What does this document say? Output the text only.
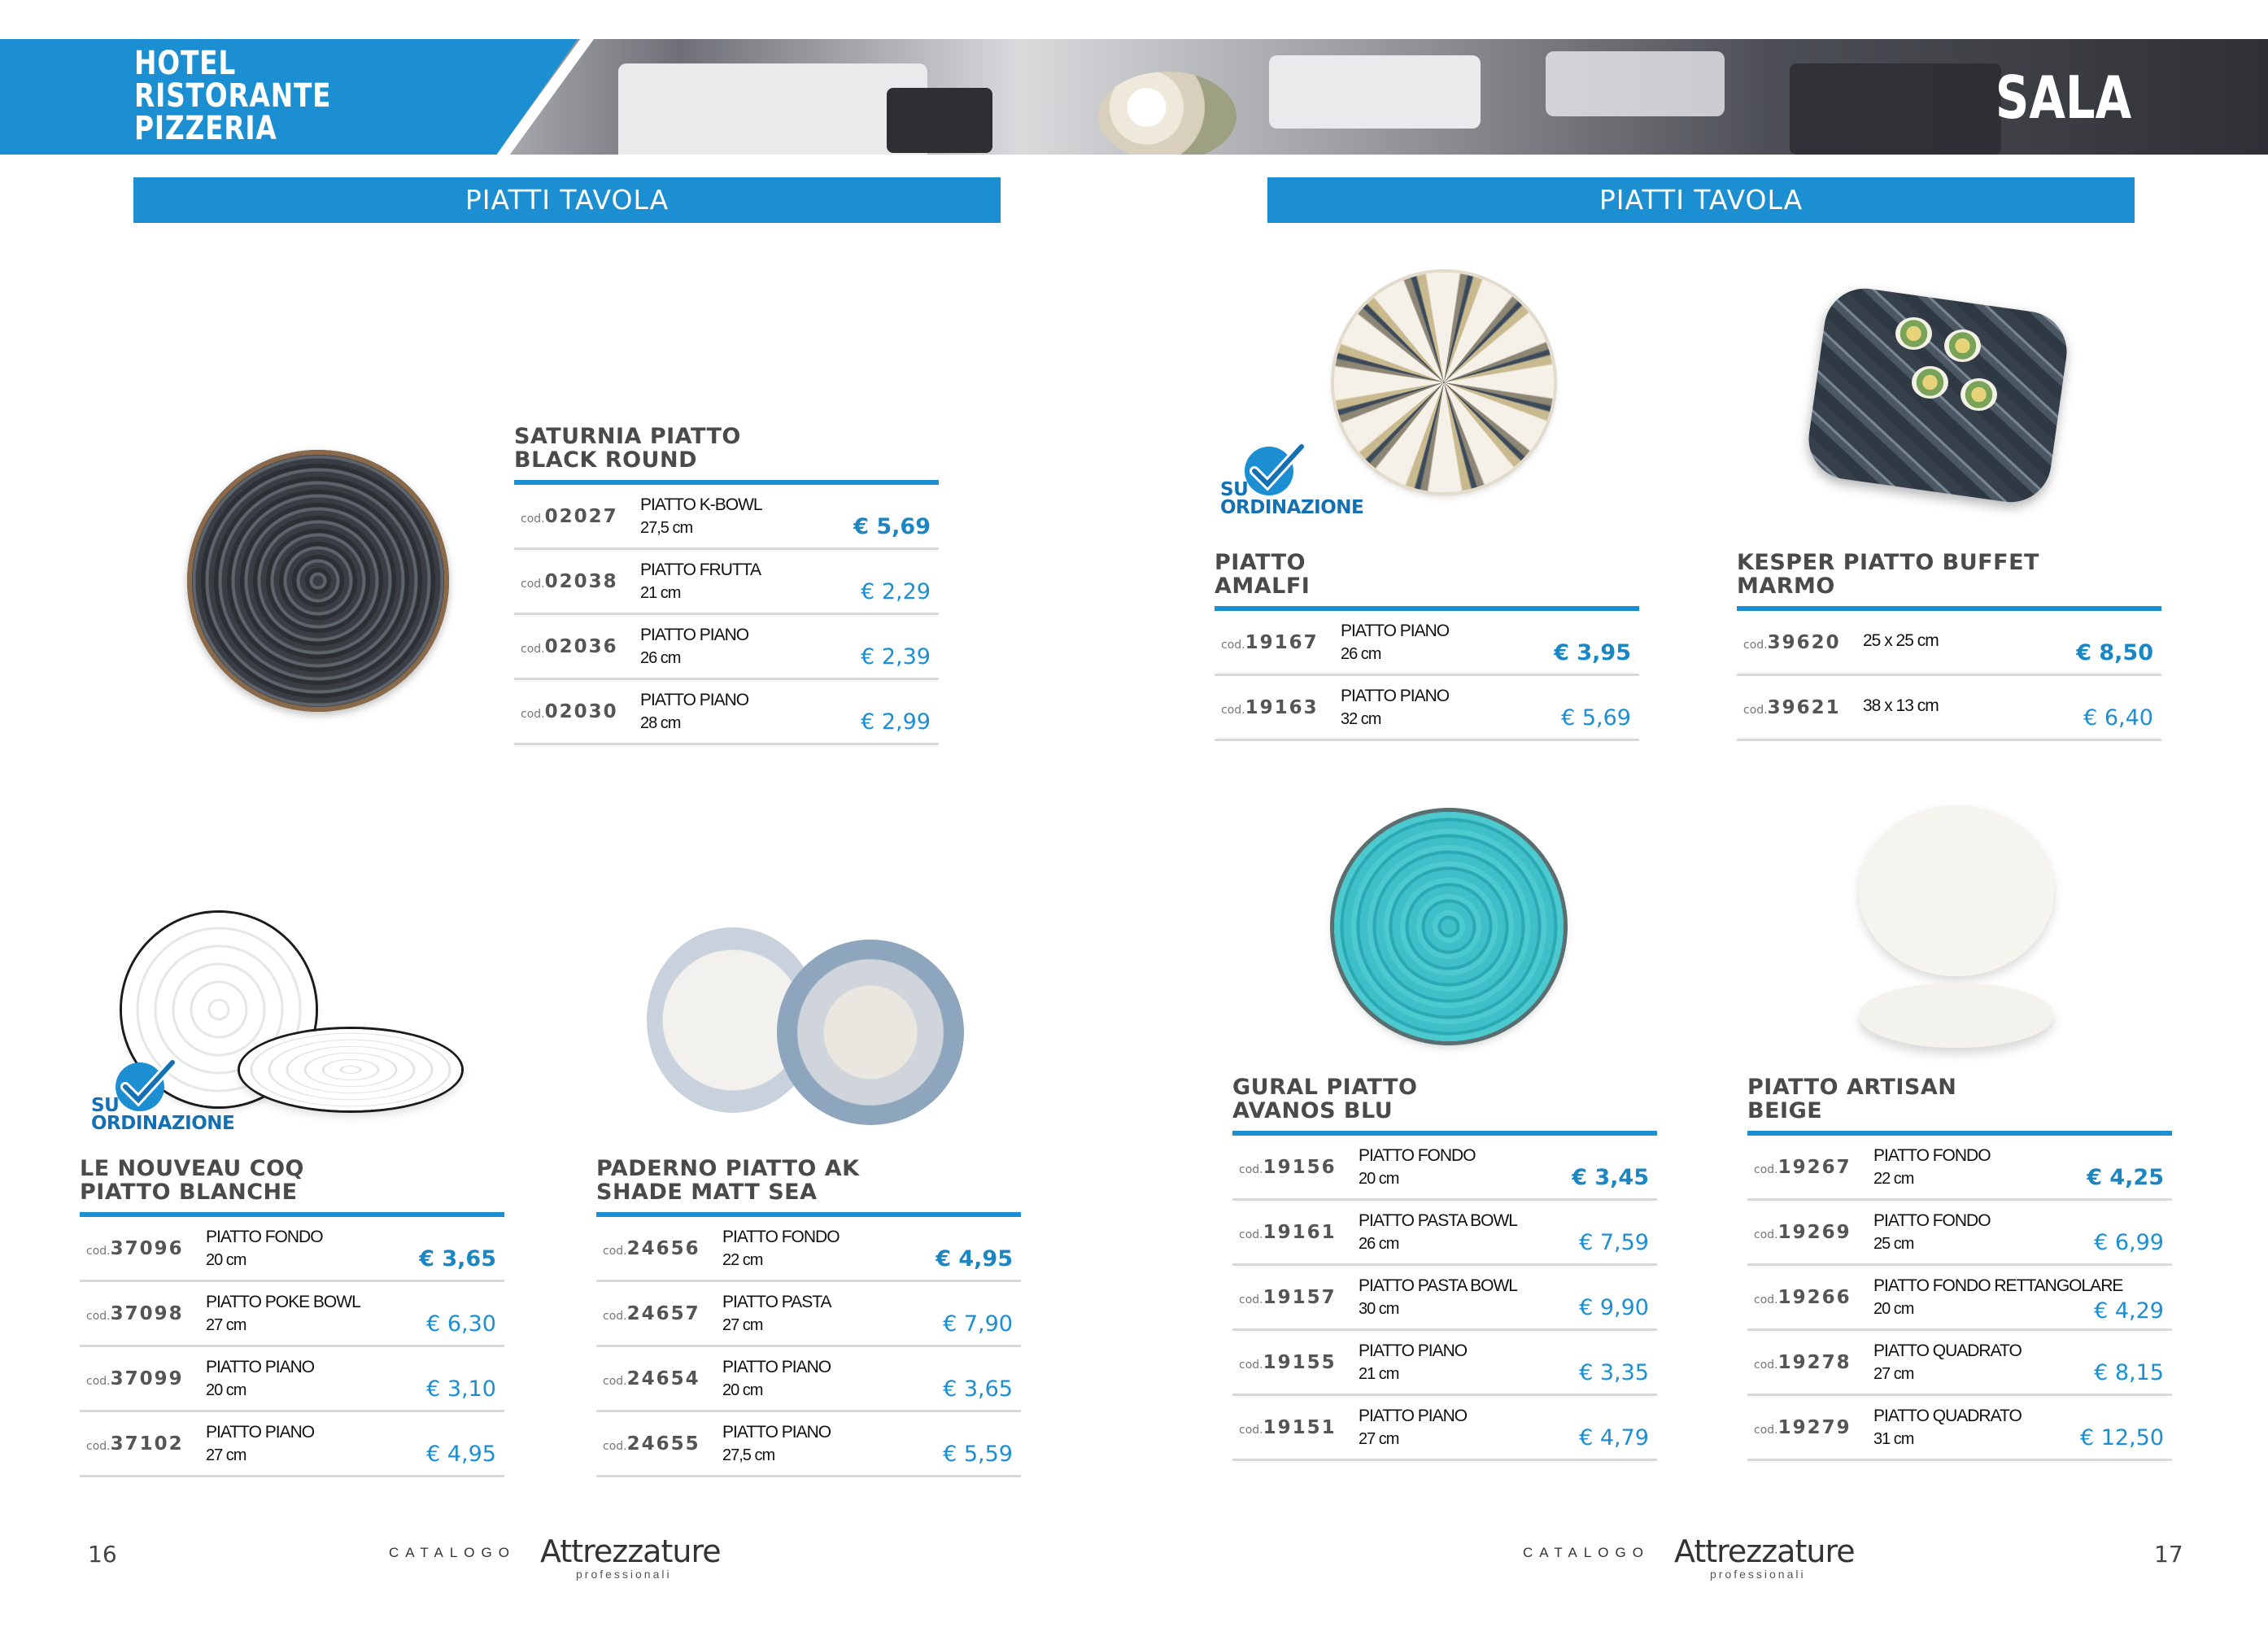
HOTEL
RISTORANTE
PIZZERIA	SALA
PIATTI TAVOLA	PIATTI TAVOLA
SU
ORDINAZIONE
SU
ORDINAZIONE
SATURNIA PIATTO
BLACK ROUND
cod.02027
PIATTO K-BOWL
27,5 cm	€ 5,69
cod.02038
PIATTO FRUTTA
21 cm	€ 2,29
cod.02036
PIATTO PIANO
26 cm	€ 2,39
cod.02030
PIATTO PIANO
28 cm	€ 2,99
LE NOUVEAU COQ
PIATTO BLANCHE
cod.37096
PIATTO FONDO
20 cm	€ 3,65
cod.37098
PIATTO POKE BOWL
27 cm	€ 6,30
cod.37099
PIATTO PIANO
20 cm	€ 3,10
cod.37102
PIATTO PIANO
27 cm	€ 4,95
PADERNO PIATTO AK
SHADE MATT SEA
cod.24656
PIATTO FONDO
22 cm	€ 4,95
cod.24657
PIATTO PASTA
27 cm	€ 7,90
cod.24654
PIATTO PIANO
20 cm	€ 3,65
cod.24655
PIATTO PIANO
27,5 cm	€ 5,59
PIATTO
AMALFI
cod.19167
PIATTO PIANO
26 cm	€ 3,95
cod.19163
PIATTO PIANO
32 cm	€ 5,69
KESPER PIATTO BUFFET
MARMO
cod.39620 25 x 25 cm	€ 8,50
cod.39621 38 x 13 cm	€ 6,40
GURAL PIATTO
AVANOS BLU
cod.19156
PIATTO FONDO
20 cm	€ 3,45
cod.19161
PIATTO PASTA BOWL
26 cm	€ 7,59
cod.19157
PIATTO PASTA BOWL
30 cm	€ 9,90
cod.19155
PIATTO PIANO
21 cm	€ 3,35
cod.19151
PIATTO PIANO
27 cm	€ 4,79
PIATTO ARTISAN
BEIGE
cod.19267
PIATTO FONDO
22 cm	€ 4,25
cod.19269
PIATTO FONDO
25 cm	€ 6,99
cod.19266
PIATTO FONDO RETTANGOLARE
20 cm	€ 4,29
cod.19278
PIATTO QUADRATO
27 cm	€ 8,15
cod.19279
PIATTO QUADRATO
31 cm	€ 12,50
16	17
CATALOGO Attrezzature
professionali
CATALOGO Attrezzature
professionali
